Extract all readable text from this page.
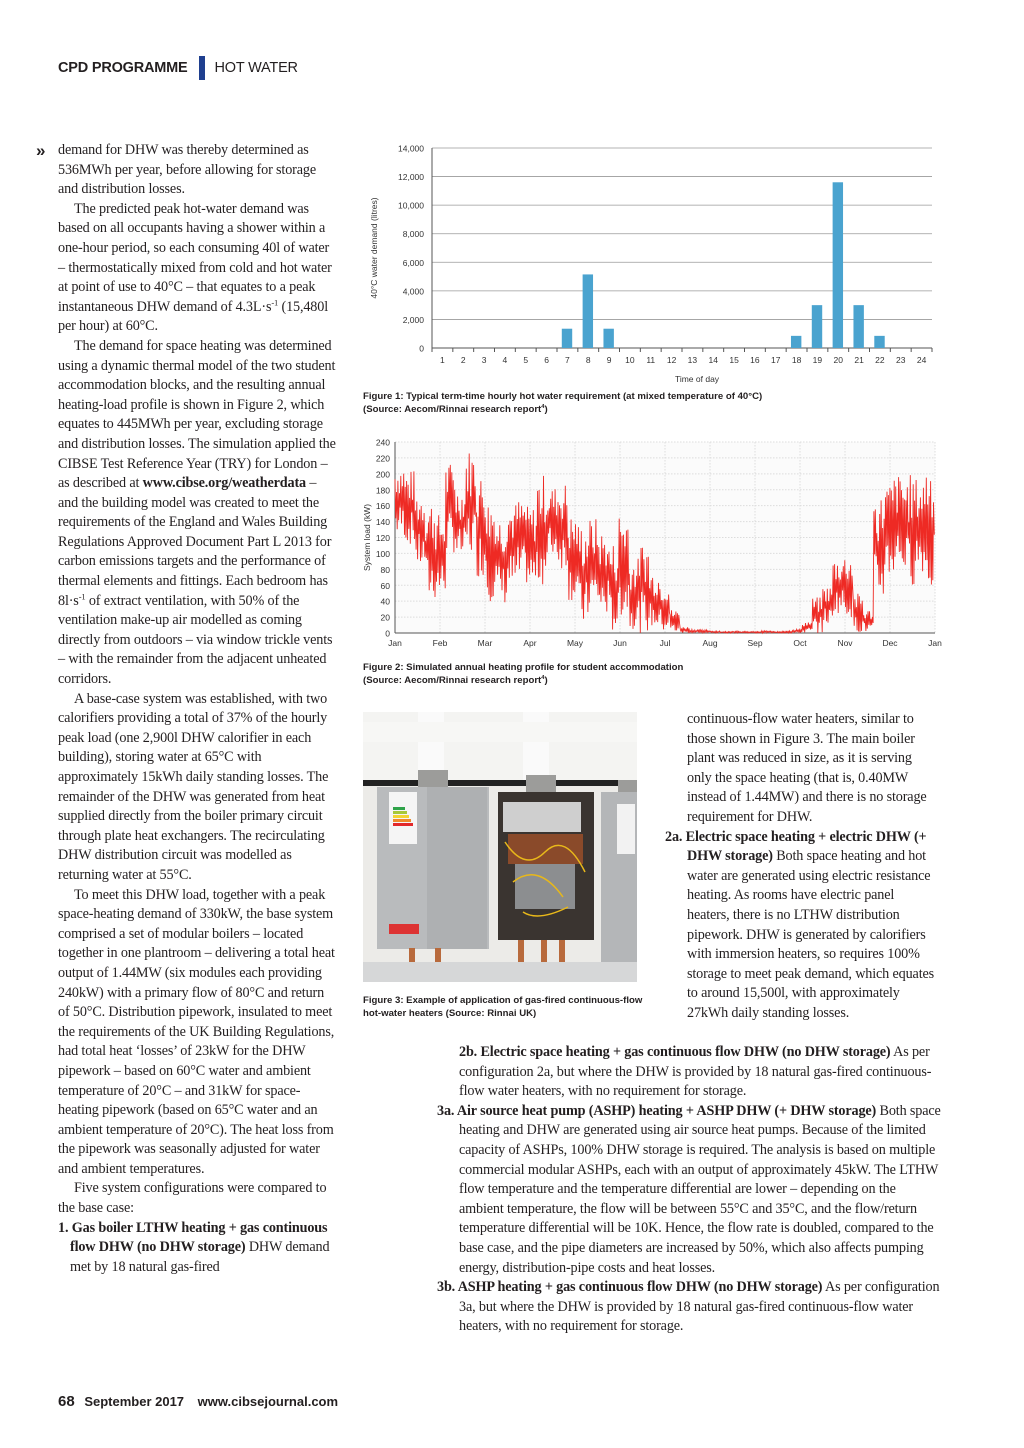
CPD PROGRAMME HOT WATER
» demand for DHW was thereby determined as 536MWh per year, before allowing for storage and distribution losses.

The predicted peak hot-water demand was based on all occupants having a shower within a one-hour period, so each consuming 40l of water – thermostatically mixed from cold and hot water at point of use to 40°C – that equates to a peak instantaneous DHW demand of $4.3L\cdot s^{-1}$ (15,480l per hour) at 60°C.

The demand for space heating was determined using a dynamic thermal model of the two student accommodation blocks, and the resulting annual heating-load profile is shown in Figure 2, which equates to 445MWh per year, excluding storage and distribution losses. The simulation applied the CIBSE Test Reference Year (TRY) for London – as described at www.cibse.org/weatherdata – and the building model was created to meet the requirements of the England and Wales Building Regulations Approved Document Part L 2013 for carbon emissions targets and the performance of thermal elements and fittings. Each bedroom has $8l\cdot s^{-1}$ of extract ventilation, with 50% of the ventilation make-up air modelled as coming directly from outdoors – via window trickle vents – with the remainder from the adjacent unheated corridors.

A base-case system was established, with two calorifiers providing a total of 37% of the hourly peak load (one 2,900l DHW calorifier in each building), storing water at 65°C with approximately 15kWh daily standing losses. The remainder of the DHW was generated from heat supplied directly from the boiler primary circuit through plate heat exchangers. The recirculating DHW distribution circuit was modelled as returning water at 55°C.

To meet this DHW load, together with a peak space-heating demand of 330kW, the base system comprised a set of modular boilers – located together in one plantroom – delivering a total heat output of 1.44MW (six modules each providing 240kW) with a primary flow of 80°C and return of 50°C. Distribution pipework, insulated to meet the requirements of the UK Building Regulations, had total heat ‘losses’ of 23kW for the DHW pipework – based on 60°C water and ambient temperature of 20°C – and 31kW for space-heating pipework (based on 65°C water and an ambient temperature of 20°C). The heat loss from the pipework was seasonally adjusted for water and ambient temperatures.

Five system configurations were compared to the base case:

1. Gas boiler LTHW heating + gas continuous flow DHW (no DHW storage) DHW demand met by 18 natural gas-fired

0
2,000
4,000
6,000
8,000
10,000
12,000
14,000
1 2 3 4 5 6 7 8 9 10 11 12 13 14 15 16 17 18 19 20 21 22 23 24
Time of day
40°C water demand (litres)
Figure 1: Typical term-time hourly hot water requirement (at mixed temperature of 40°C)
(Source: Aecom/Rinnai research report$^4$)
0
20
40
60
80
100
120
140
160
180
200
220
240
Jan	Feb	Mar	Apr	May	Jun	Jul	Aug	Sep	Oct	Nov	Dec	Jan
System load (kW)
Figure 2: Simulated annual heating profile for student accommodation
(Source: Aecom/Rinnai research report$^4$)
Figure 3: Example of application of gas-fired continuous-flow
hot-water heaters (Source: Rinnai UK)

continuous-flow water heaters, similar to those shown in Figure 3. The main boiler plant was reduced in size, as it is serving only the space heating (that is, 0.40MW instead of 1.44MW) and there is no storage requirement for DHW.

2a. Electric space heating + electric DHW (+ DHW storage) Both space heating and hot water are generated using electric resistance heating. As rooms have electric panel heaters, there is no LTHW distribution pipework. DHW is generated by calorifiers with immersion heaters, so requires 100% storage to meet peak demand, which equates to around 15,500l, with approximately 27kWh daily standing losses.

2b. Electric space heating + gas continuous flow DHW (no DHW storage) As per configuration 2a, but where the DHW is provided by 18 natural gas-fired continuous-flow water heaters, with no requirement for storage.

3a. Air source heat pump (ASHP) heating + ASHP DHW (+ DHW storage) Both space heating and DHW are generated using air source heat pumps. Because of the limited capacity of ASHPs, 100% DHW storage is required. The analysis is based on multiple commercial modular ASHPs, each with an output of approximately 45kW. The LTHW flow temperature and the temperature differential are lower – depending on the ambient temperature, the flow will be between 55°C and 35°C, and the flow/return temperature differential will be 10K. Hence, the flow rate is doubled, compared to the base case, and the pipe diameters are increased by 50%, which also affects pumping energy, distribution-pipe costs and heat losses.

3b. ASHP heating + gas continuous flow DHW (no DHW storage) As per configuration 3a, but where the DHW is provided by 18 natural gas-fired continuous-flow water heaters, with no requirement for storage.

68 September 2017 www.cibsejournal.com
